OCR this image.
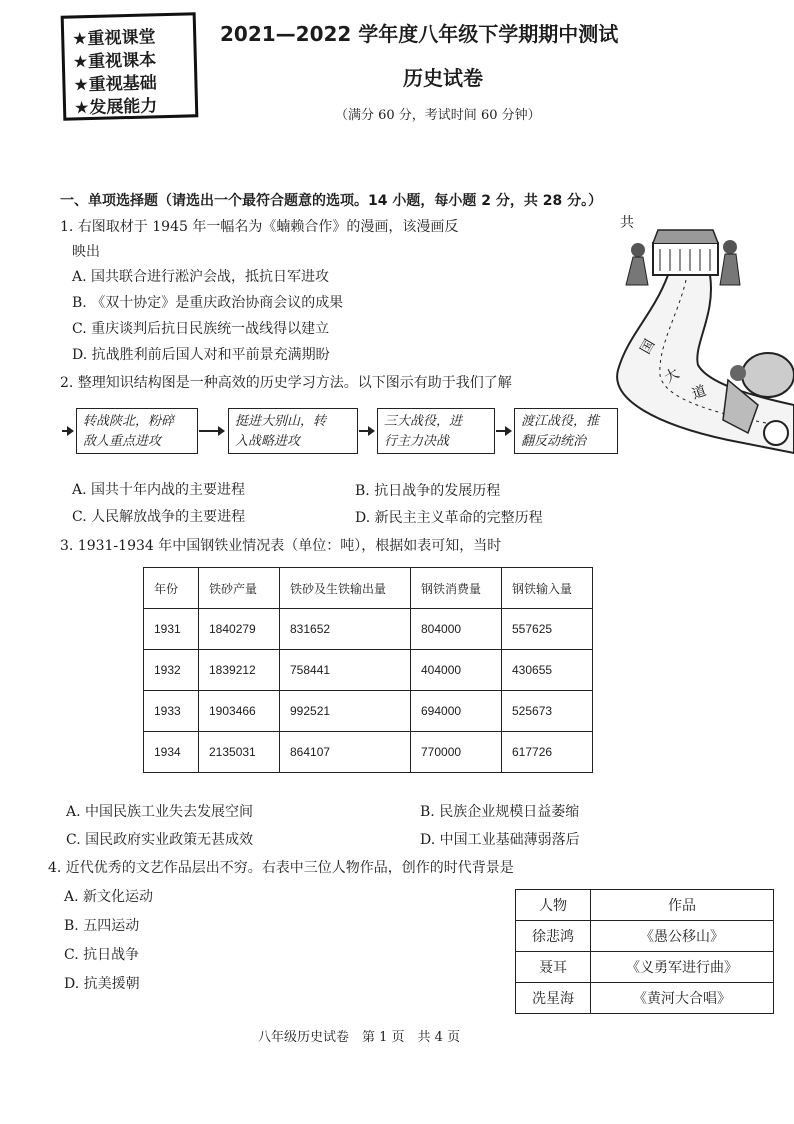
★重视课堂
★重视课本
★重视基础
★发展能力
2021—2022 学年度八年级下学期期中测试
历史试卷
（满分 60 分，考试时间 60 分钟）
一、单项选择题（请选出一个最符合题意的选项。14 小题，每小题 2 分，共 28 分。）
1. 右图取材于 1945 年一幅名为《蝻赖合作》的漫画，该漫画反
映出
A. 国共联合进行淞沪会战，抵抗日军进攻
B. 《双十协定》是重庆政治协商会议的成果
C. 重庆谈判后抗日民族统一战线得以建立
D. 抗战胜利前后国人对和平前景充满期盼
共
国
大
道
2. 整理知识结构图是一种高效的历史学习方法。以下图示有助于我们了解
转战陕北，粉碎
敌人重点进攻
挺进大别山，转
入战略进攻
三大战役，进
行主力决战
渡江战役，推
翻反动统治
A. 国共十年内战的主要进程	B. 抗日战争的发展历程
C. 人民解放战争的主要进程	D. 新民主主义革命的完整历程
3. 1931-1934 年中国钢铁业情况表（单位：吨），根据如表可知，当时
年份	铁砂产量	铁砂及生铁输出量	钢铁消费量	钢铁输入量
1931	1840279	831652	804000	557625
1932	1839212	758441	404000	430655
1933	1903466	992521	694000	525673
1934	2135031	864107	770000	617726
A. 中国民族工业失去发展空间	B. 民族企业规模日益萎缩
C. 国民政府实业政策无甚成效	D. 中国工业基础薄弱落后
4. 近代优秀的文艺作品层出不穷。右表中三位人物作品，创作的时代背景是
A. 新文化运动
B. 五四运动
C. 抗日战争
D. 抗美援朝
人物	作品
徐悲鸿	《愚公移山》
聂耳	《义勇军进行曲》
冼星海	《黄河大合唱》
八年级历史试卷　第 1 页　共 4 页
